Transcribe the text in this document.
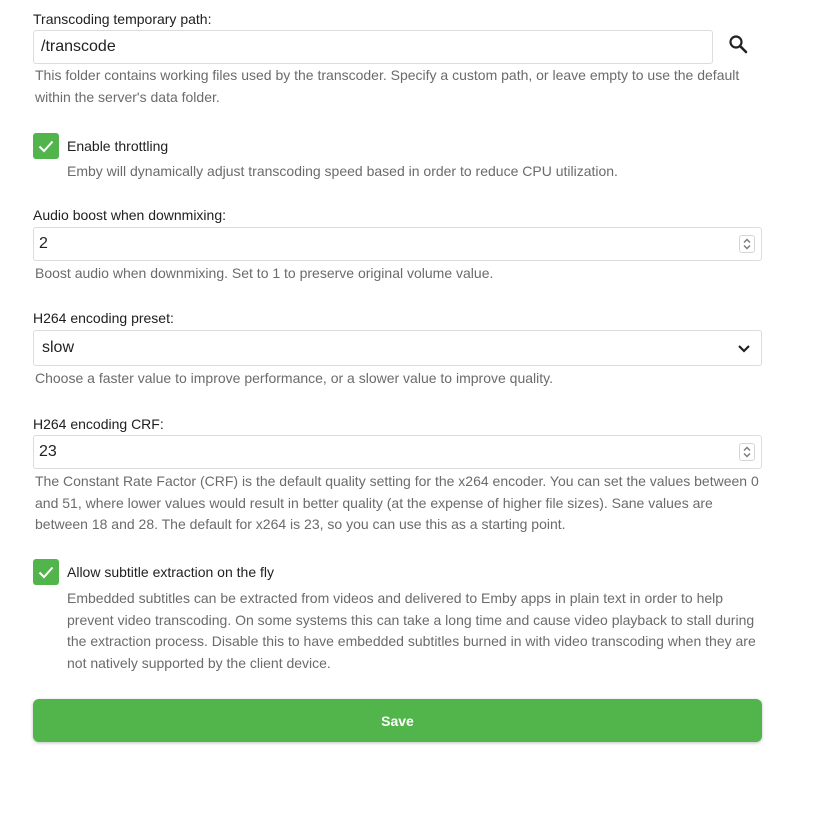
Transcoding temporary path:
/transcode
This folder contains working files used by the transcoder. Specify a custom path, or leave empty to use the default within the server's data folder.
Enable throttling
Emby will dynamically adjust transcoding speed based in order to reduce CPU utilization.
Audio boost when downmixing:
2
Boost audio when downmixing. Set to 1 to preserve original volume value.
H264 encoding preset:
slow
Choose a faster value to improve performance, or a slower value to improve quality.
H264 encoding CRF:
23
The Constant Rate Factor (CRF) is the default quality setting for the x264 encoder. You can set the values between 0 and 51, where lower values would result in better quality (at the expense of higher file sizes). Sane values are between 18 and 28. The default for x264 is 23, so you can use this as a starting point.
Allow subtitle extraction on the fly
Embedded subtitles can be extracted from videos and delivered to Emby apps in plain text in order to help prevent video transcoding. On some systems this can take a long time and cause video playback to stall during the extraction process. Disable this to have embedded subtitles burned in with video transcoding when they are not natively supported by the client device.
Save
